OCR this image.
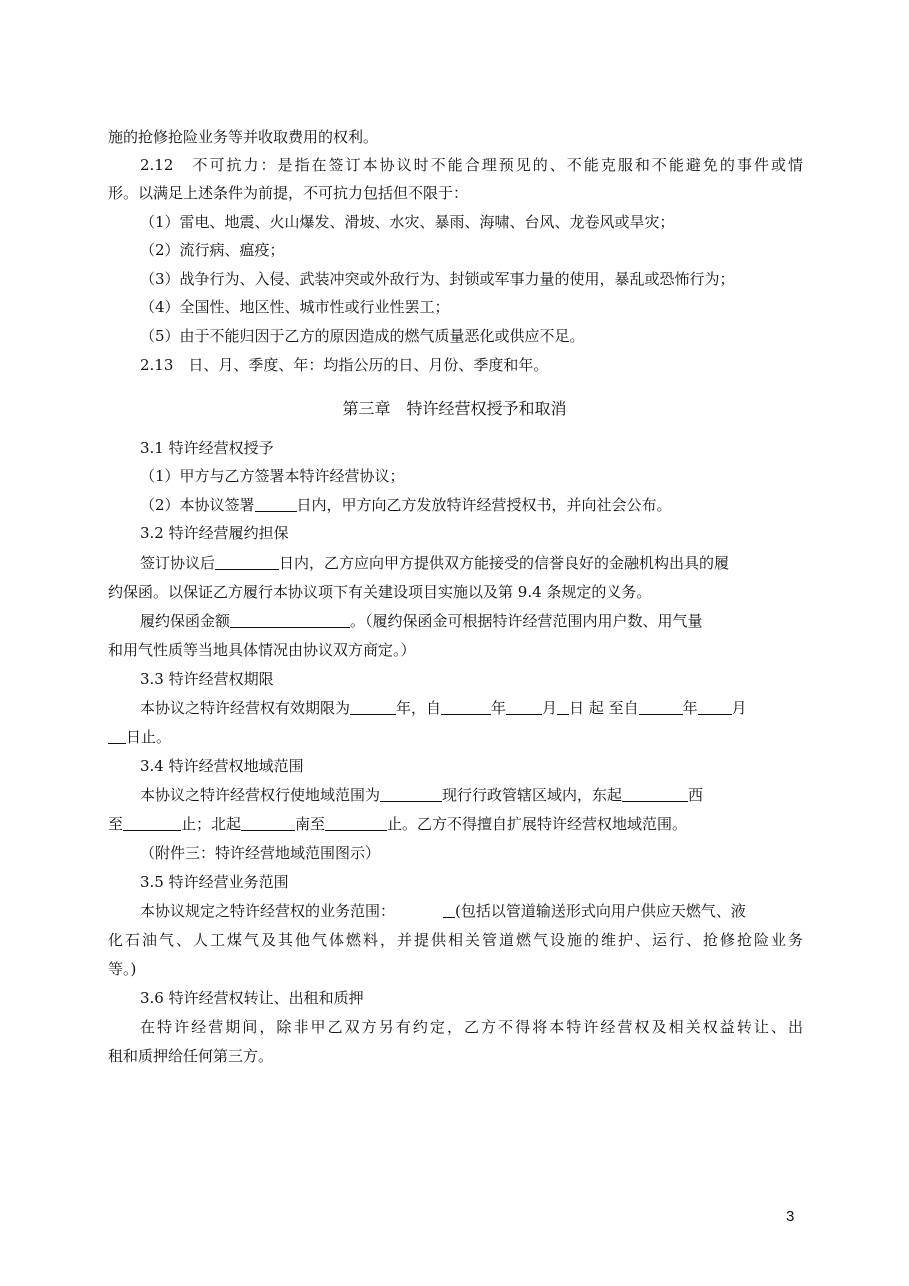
施的抢修抢险业务等并收取费用的权利。
2.12　不可抗力：是指在签订本协议时不能合理预见的、不能克服和不能避免的事件或情
形。以满足上述条件为前提，不可抗力包括但不限于：
（1）雷电、地震、火山爆发、滑坡、水灾、暴雨、海啸、台风、龙卷风或旱灾；
（2）流行病、瘟疫；
（3）战争行为、入侵、武装冲突或外敌行为、封锁或军事力量的使用，暴乱或恐怖行为；
（4）全国性、地区性、城市性或行业性罢工；
（5）由于不能归因于乙方的原因造成的燃气质量恶化或供应不足。
2.13　日、月、季度、年：均指公历的日、月份、季度和年。
第三章　特许经营权授予和取消
3.1 特许经营权授予
（1）甲方与乙方签署本特许经营协议；
（2）本协议签署	日内，甲方向乙方发放特许经营授权书，并向社会公布。
3.2 特许经营履约担保
签订协议后	日内，乙方应向甲方提供双方能接受的信誉良好的金融机构出具的履
约保函。以保证乙方履行本协议项下有关建设项目实施以及第 9.4 条规定的义务。
履约保函金额	。（履约保函金可根据特许经营范围内用户数、用气量
和用气性质等当地具体情况由协议双方商定。）
3.3 特许经营权期限
本协议之特许经营权有效期限为	年，自	年 月 日 起 至自	年 月
日止。
3.4 特许经营权地域范围
本协议之特许经营权行使地域范围为	现行行政管辖区域内，东起	西
至	止；北起	南至	止。乙方不得擅自扩展特许经营权地域范围。
（附件三：特许经营地域范围图示）
3.5 特许经营业务范围
本协议规定之特许经营权的业务范围：	(包括以管道输送形式向用户供应天燃气、液
化石油气、人工煤气及其他气体燃料，并提供相关管道燃气设施的维护、运行、抢修抢险业务
等。)
3.6 特许经营权转让、出租和质押
在特许经营期间，除非甲乙双方另有约定，乙方不得将本特许经营权及相关权益转让、出
租和质押给任何第三方。
3
